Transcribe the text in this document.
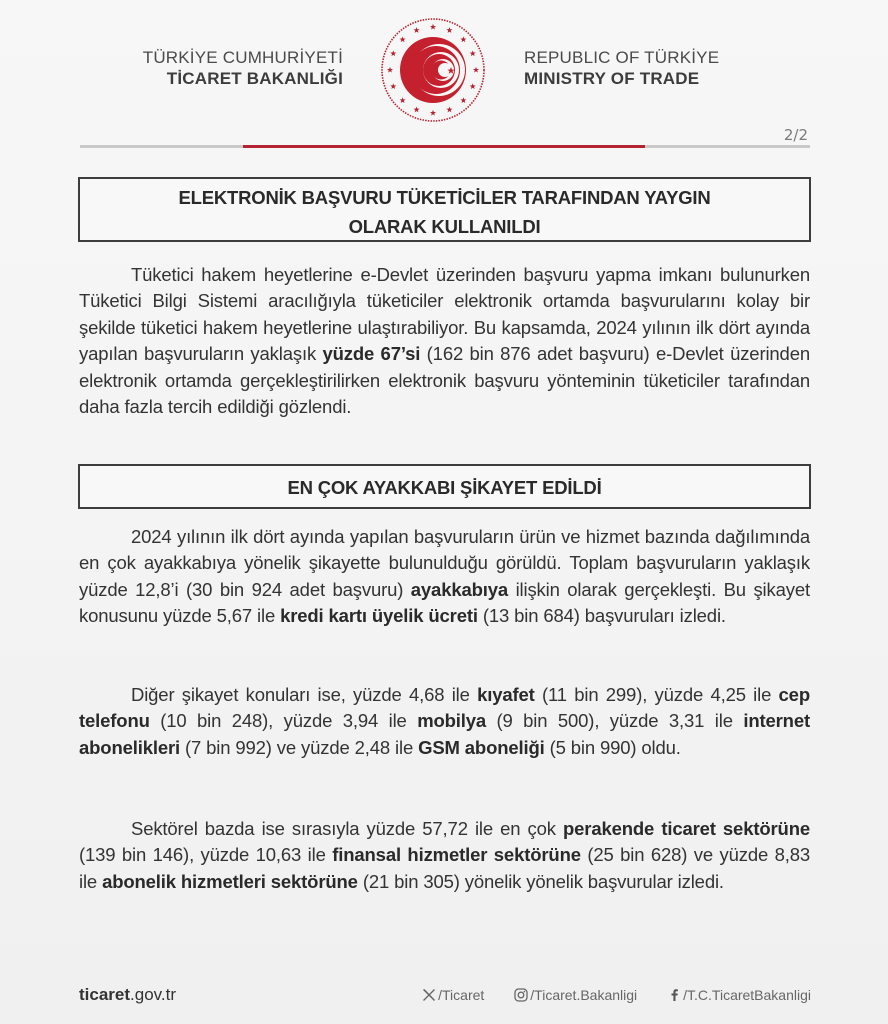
TÜRKİYE CUMHURİYETİ
TİCARET BAKANLIĞI
REPUBLIC OF TÜRKİYE
MINISTRY OF TRADE
2/2
ELEKTRONİK BAŞVURU TÜKETİCİLER TARAFINDAN YAYGIN
OLARAK KULLANILDI

Tüketici hakem heyetlerine e-Devlet üzerinden başvuru yapma imkanı bulunurken Tüketici Bilgi Sistemi aracılığıyla tüketiciler elektronik ortamda başvurularını kolay bir şekilde tüketici hakem heyetlerine ulaştırabiliyor. Bu kapsamda, 2024 yılının ilk dört ayında yapılan başvuruların yaklaşık yüzde 67’si (162 bin 876 adet başvuru) e-Devlet üzerinden elektronik ortamda gerçekleştirilirken elektronik başvuru yönteminin tüketiciler tarafından daha fazla tercih edildiği gözlendi.

EN ÇOK AYAKKABI ŞİKAYET EDİLDİ

2024 yılının ilk dört ayında yapılan başvuruların ürün ve hizmet bazında dağılımında en çok ayakkabıya yönelik şikayette bulunulduğu görüldü. Toplam başvuruların yaklaşık yüzde 12,8’i (30 bin 924 adet başvuru) ayakkabıya ilişkin olarak gerçekleşti. Bu şikayet konusunu yüzde 5,67 ile kredi kartı üyelik ücreti (13 bin 684) başvuruları izledi.

Diğer şikayet konuları ise, yüzde 4,68 ile kıyafet (11 bin 299), yüzde 4,25 ile cep telefonu (10 bin 248), yüzde 3,94 ile mobilya (9 bin 500), yüzde 3,31 ile internet abonelikleri (7 bin 992) ve yüzde 2,48 ile GSM aboneliği (5 bin 990) oldu.

Sektörel bazda ise sırasıyla yüzde 57,72 ile en çok perakende ticaret sektörüne (139 bin 146), yüzde 10,63 ile finansal hizmetler sektörüne (25 bin 628) ve yüzde 8,83 ile abonelik hizmetleri sektörüne (21 bin 305) yönelik yönelik başvurular izledi.

ticaret.gov.tr	/Ticaret	/Ticaret.Bakanligi	/T.C.TicaretBakanligi
